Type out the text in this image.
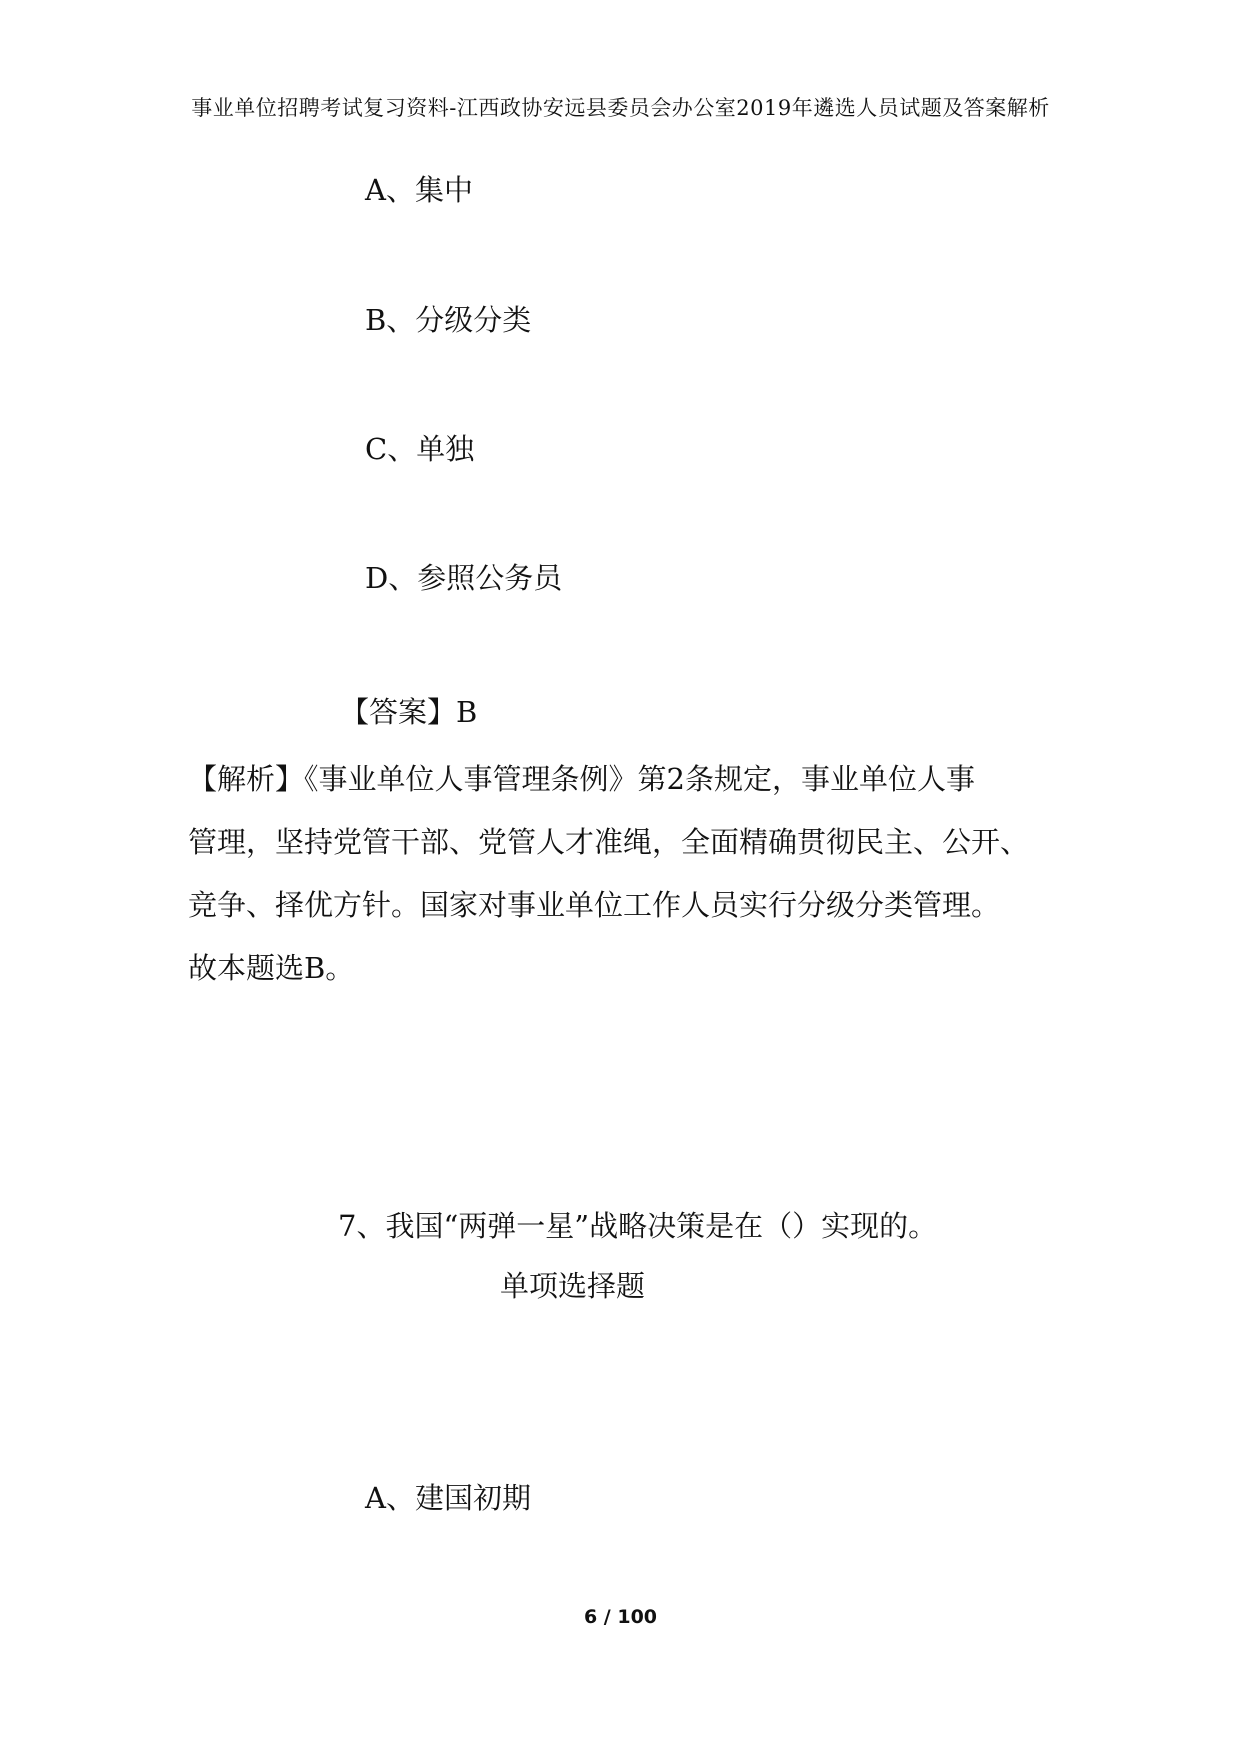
事业单位招聘考试复习资料-江西政协安远县委员会办公室2019年遴选人员试题及答案解析
A、集中
B、分级分类
C、单独
D、参照公务员
【答案】B
【解析】《事业单位人事管理条例》第2条规定，事业单位人事
管理，坚持党管干部、党管人才准绳，全面精确贯彻民主、公开、
竞争、择优方针。国家对事业单位工作人员实行分级分类管理。
故本题选B。
7、我国“两弹一星”战略决策是在（）实现的。
单项选择题
A、建国初期
6 / 100
